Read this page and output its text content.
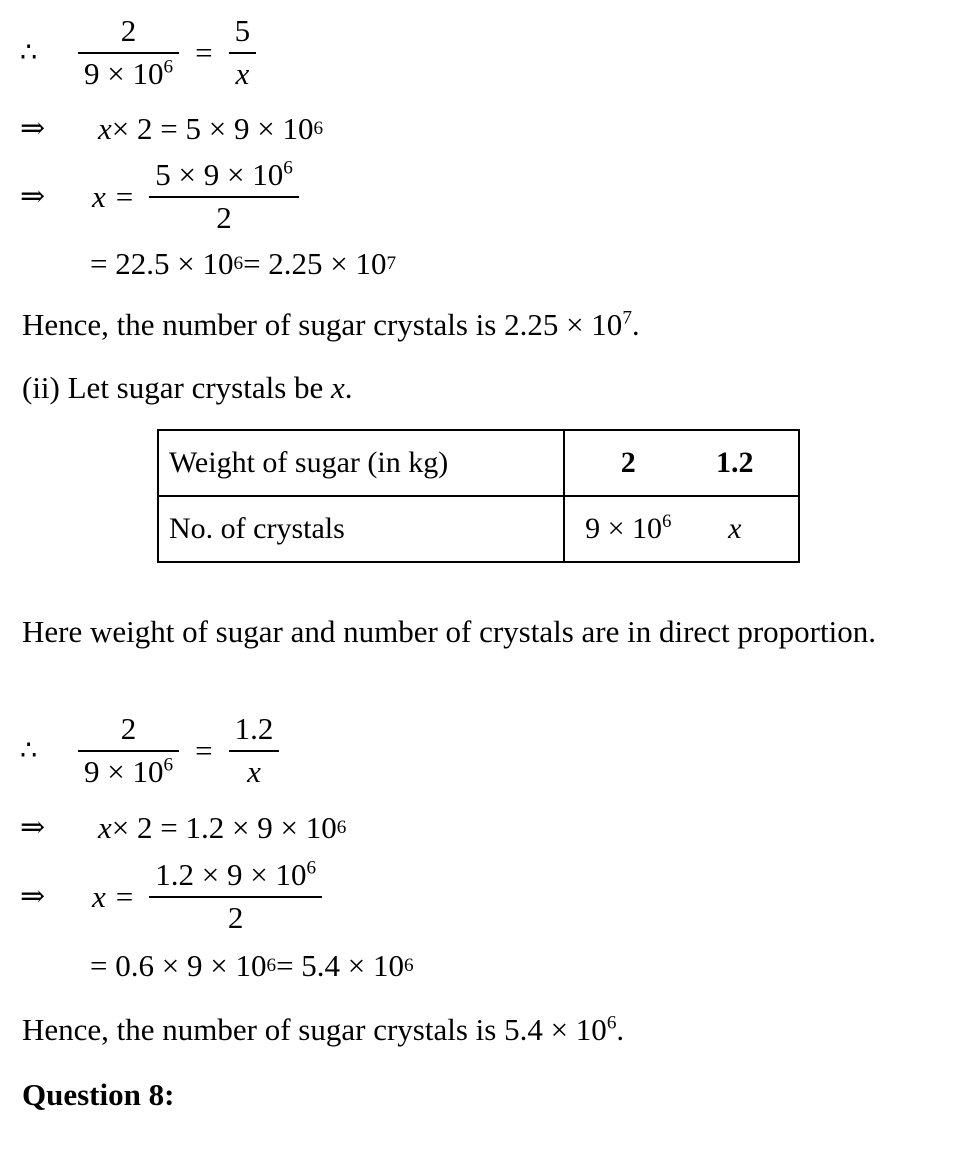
∴	$\frac{2}{9 \times 10^6} = \frac{5}{x}$
⇒	x × 2 = 5 × 9 × 10 6
⇒	$x = \frac{5 \times 9 \times 10^6}{2}$
= 22.5 × 10 6 = 2.25 × 10 7
Hence, the number of sugar crystals is $2.25 \times 10^7$.
(ii) Let sugar crystals be x.
Weight of sugar (in kg)	2 1.2

No. of crystals	$9 \times 10^6$ x
Here weight of sugar and number of crystals are in direct proportion.
∴	$\frac{2}{9 \times 10^6} = \frac{1.2}{x}$
⇒	x × 2 = 1.2 × 9 × 10 6
⇒	$x = \frac{1.2 \times 9 \times 10^6}{2}$
= 0.6 × 9 × 10 6 = 5.4 × 10 6
Hence, the number of sugar crystals is $5.4 \times 10^6$.
Question 8:
